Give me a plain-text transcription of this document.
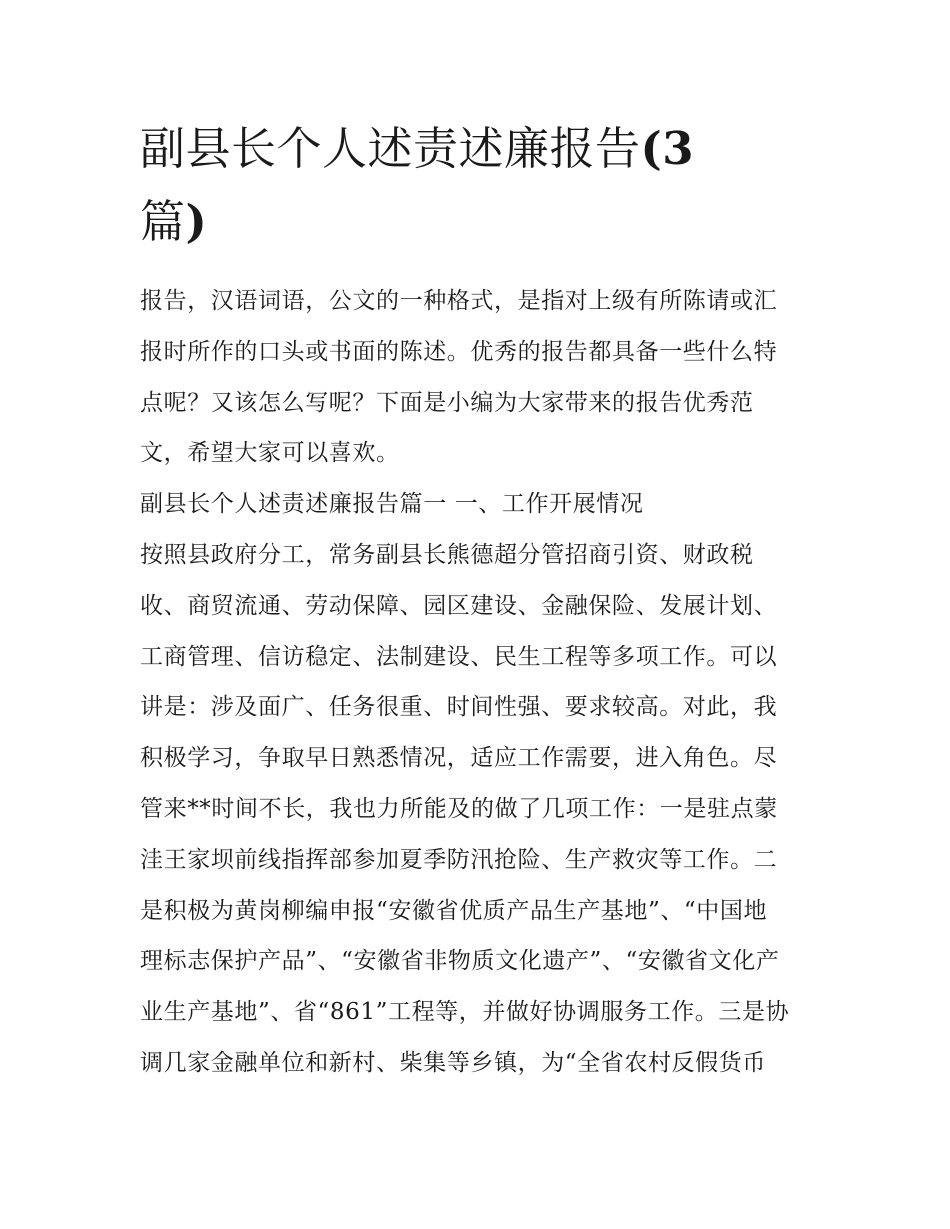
副县长个人述责述廉报告(3
篇)
报告，汉语词语，公文的一种格式，是指对上级有所陈请或汇
报时所作的口头或书面的陈述。优秀的报告都具备一些什么特
点呢？又该怎么写呢？下面是小编为大家带来的报告优秀范
文，希望大家可以喜欢。
副县长个人述责述廉报告篇一 一、工作开展情况
按照县政府分工，常务副县长熊德超分管招商引资、财政税
收、商贸流通、劳动保障、园区建设、金融保险、发展计划、
工商管理、信访稳定、法制建设、民生工程等多项工作。可以
讲是：涉及面广、任务很重、时间性强、要求较高。对此，我
积极学习，争取早日熟悉情况，适应工作需要，进入角色。尽
管来**时间不长，我也力所能及的做了几项工作：一是驻点蒙
洼王家坝前线指挥部参加夏季防汛抢险、生产救灾等工作。二
是积极为黄岗柳编申报“安徽省优质产品生产基地”、“中国地
理标志保护产品”、“安徽省非物质文化遗产”、“安徽省文化产
业生产基地”、省“861”工程等，并做好协调服务工作。三是协
调几家金融单位和新村、柴集等乡镇，为“全省农村反假货币
